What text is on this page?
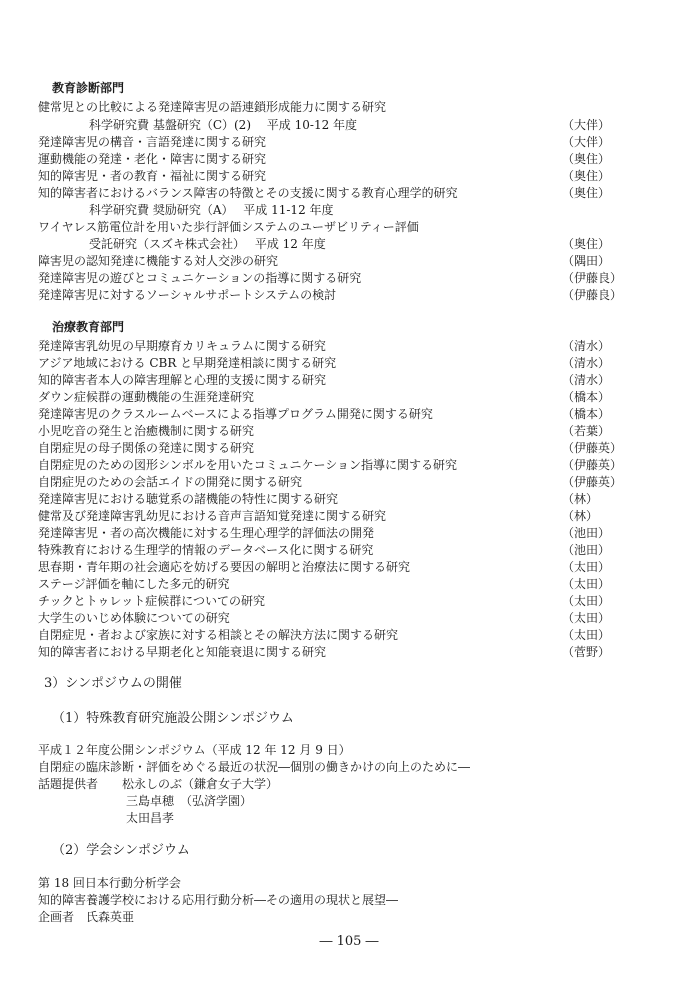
教育診断部門
健常児との比較による発達障害児の語連鎖形成能力に関する研究
科学研究費 基盤研究（C）(2)　 平成 10-12 年度	（大伴）
発達障害児の構音・言語発達に関する研究	（大伴）
運動機能の発達・老化・障害に関する研究	（奥住）
知的障害児・者の教育・福祉に関する研究	（奥住）
知的障害者におけるバランス障害の特徴とその支援に関する教育心理学的研究	（奥住）
科学研究費 奨励研究（A）　 平成 11-12 年度
ワイヤレス筋電位計を用いた歩行評価システムのユーザビリティー評価
受託研究（スズキ株式会社）　 平成 12 年度	（奥住）
障害児の認知発達に機能する対人交渉の研究	（隅田）
発達障害児の遊びとコミュニケーションの指導に関する研究	（伊藤良）
発達障害児に対するソーシャルサポートシステムの検討	（伊藤良）
治療教育部門
発達障害乳幼児の早期療育カリキュラムに関する研究	（清水）
アジア地域における CBR と早期発達相談に関する研究	（清水）
知的障害者本人の障害理解と心理的支援に関する研究	（清水）
ダウン症候群の運動機能の生涯発達研究	（橋本）
発達障害児のクラスルームベースによる指導プログラム開発に関する研究	（橋本）
小児吃音の発生と治癒機制に関する研究	（若葉）
自閉症児の母子関係の発達に関する研究	（伊藤英）
自閉症児のための図形シンボルを用いたコミュニケーション指導に関する研究	（伊藤英）
自閉症児のための会話エイドの開発に関する研究	（伊藤英）
発達障害児における聴覚系の諸機能の特性に関する研究	（林）
健常及び発達障害乳幼児における音声言語知覚発達に関する研究	（林）
発達障害児・者の高次機能に対する生理心理学的評価法の開発	（池田）
特殊教育における生理学的情報のデータベース化に関する研究	（池田）
思春期・青年期の社会適応を妨げる要因の解明と治療法に関する研究	（太田）
ステージ評価を軸にした多元的研究	（太田）
チックとトゥレット症候群についての研究	（太田）
大学生のいじめ体験についての研究	（太田）
自閉症児・者および家族に対する相談とその解決方法に関する研究	（太田）
知的障害者における早期老化と知能衰退に関する研究	（菅野）
3）シンポジウムの開催
（1）特殊教育研究施設公開シンポジウム
平成１２年度公開シンポジウム（平成 12 年 12 月 9 日）
自閉症の臨床診断・評価をめぐる最近の状況―個別の働きかけの向上のために―
話題提供者　　松永しのぶ（鎌倉女子大学）
三島卓穂　（弘済学園）
太田昌孝
（2）学会シンポジウム
第 18 回日本行動分析学会
知的障害養護学校における応用行動分析―その適用の現状と展望―
企画者　氏森英亜
― 105 ―
